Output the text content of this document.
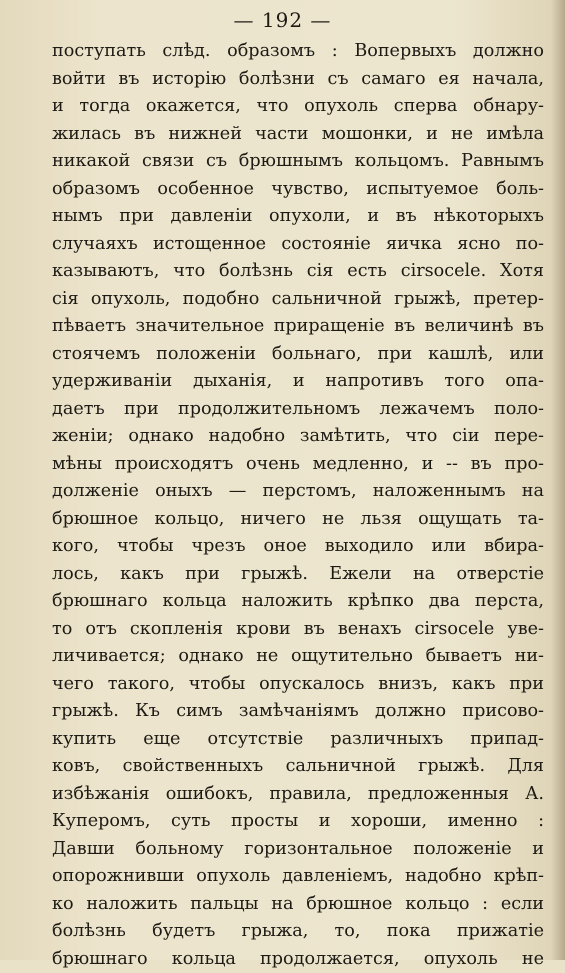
— 192 —
поступать слѣд. образомъ : Вопервыхъ должно
войти въ исторію болѣзни съ самаго ея начала,
и тогда окажется, что опухоль сперва обнару-
жилась въ нижней части мошонки, и не имѣла
никакой связи съ брюшнымъ кольцомъ. Равнымъ
образомъ особенное чувство, испытуемое боль-
нымъ при давленіи опухоли, и въ нѣкоторыхъ
случаяхъ истощенное состояніе яичка ясно по-
казываютъ, что болѣзнь сія есть cirsocele. Хотя
сія опухоль, подобно сальничной грыжѣ, претер-
пѣваетъ значительное приращеніе въ величинѣ въ
стоячемъ положеніи больнаго, при кашлѣ, или
удерживаніи дыханія, и напротивъ того опа-
даетъ при продолжительномъ лежачемъ поло-
женіи; однако надобно замѣтить, что сіи пере-
мѣны происходятъ очень медленно, и -- въ про-
долженіе оныхъ — перстомъ, наложеннымъ на
брюшное кольцо, ничего не льзя ощущать та-
кого, чтобы чрезъ оное выходило или вбира-
лось, какъ при грыжѣ. Ежели на отверстіе
брюшнаго кольца наложить крѣпко два перста,
то отъ скопленія крови въ венахъ cirsocele уве-
личивается; однако не ощутительно бываетъ ни-
чего такого, чтобы опускалось внизъ, какъ при
грыжѣ. Къ симъ замѣчаніямъ должно присово-
купить еще отсутствіе различныхъ припад-
ковъ, свойственныхъ сальничной грыжѣ. Для
избѣжанія ошибокъ, правила, предложенныя А.
Куперомъ, суть просты и хороши, именно :
Давши больному горизонтальное положеніе и
опорожнивши опухоль давленіемъ, надобно крѣп-
ко наложить пальцы на брюшное кольцо : если
болѣзнь будетъ грыжа, то, пока прижатіе
брюшнаго кольца продолжается, опухоль не
